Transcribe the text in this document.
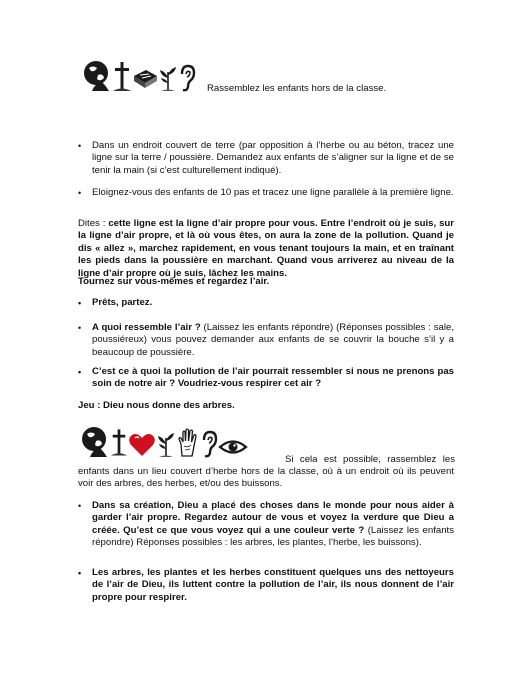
Rassemblez les enfants hors de la classe.
•	Dans un endroit couvert de terre (par opposition à l’herbe ou au béton, tracez une ligne sur la terre / poussière. Demandez aux enfants de s’aligner sur la ligne et de se tenir la main (si c’est culturellement indiqué).
•	Eloignez-vous des enfants de 10 pas et tracez une ligne parallèle à la première ligne.
Dites : cette ligne est la ligne d’air propre pour vous. Entre l’endroit où je suis, sur la ligne d’air propre, et là où vous êtes, on aura la zone de la pollution. Quand je dis « allez », marchez rapidement, en vous tenant toujours la main, et en traînant les pieds dans la poussière en marchant. Quand vous arriverez au niveau de la ligne d’air propre où je suis, lâchez les mains.
Tournez sur vous-mêmes et regardez l’air.
•	Prêts, partez.
•	A quoi ressemble l’air ? (Laissez les enfants répondre) (Réponses possibles : sale, poussiéreux) vous pouvez demander aux enfants de se couvrir la bouche s’il y a beaucoup de poussière.
•	C’est ce à quoi la pollution de l’air pourrait ressembler si nous ne prenons pas soin de notre air ? Voudriez-vous respirer cet air ?
Jeu : Dieu nous donne des arbres.
Si cela est possible, rassemblez les
enfants dans un lieu couvert d’herbe hors de la classe, où à un endroit où ils peuvent voir des arbres, des herbes, et/ou des buissons.
•	Dans sa création, Dieu a placé des choses dans le monde pour nous aider à garder l’air propre. Regardez autour de vous et voyez la verdure que Dieu a créée. Qu’est ce que vous voyez qui a une couleur verte ? (Laissez les enfants répondre) Réponses possibles : les arbres, les plantes, l’herbe, les buissons).
•	Les arbres, les plantes et les herbes constituent quelques uns des nettoyeurs de l’air de Dieu, ils luttent contre la pollution de l’air, ils nous donnent de l’air propre pour respirer.
